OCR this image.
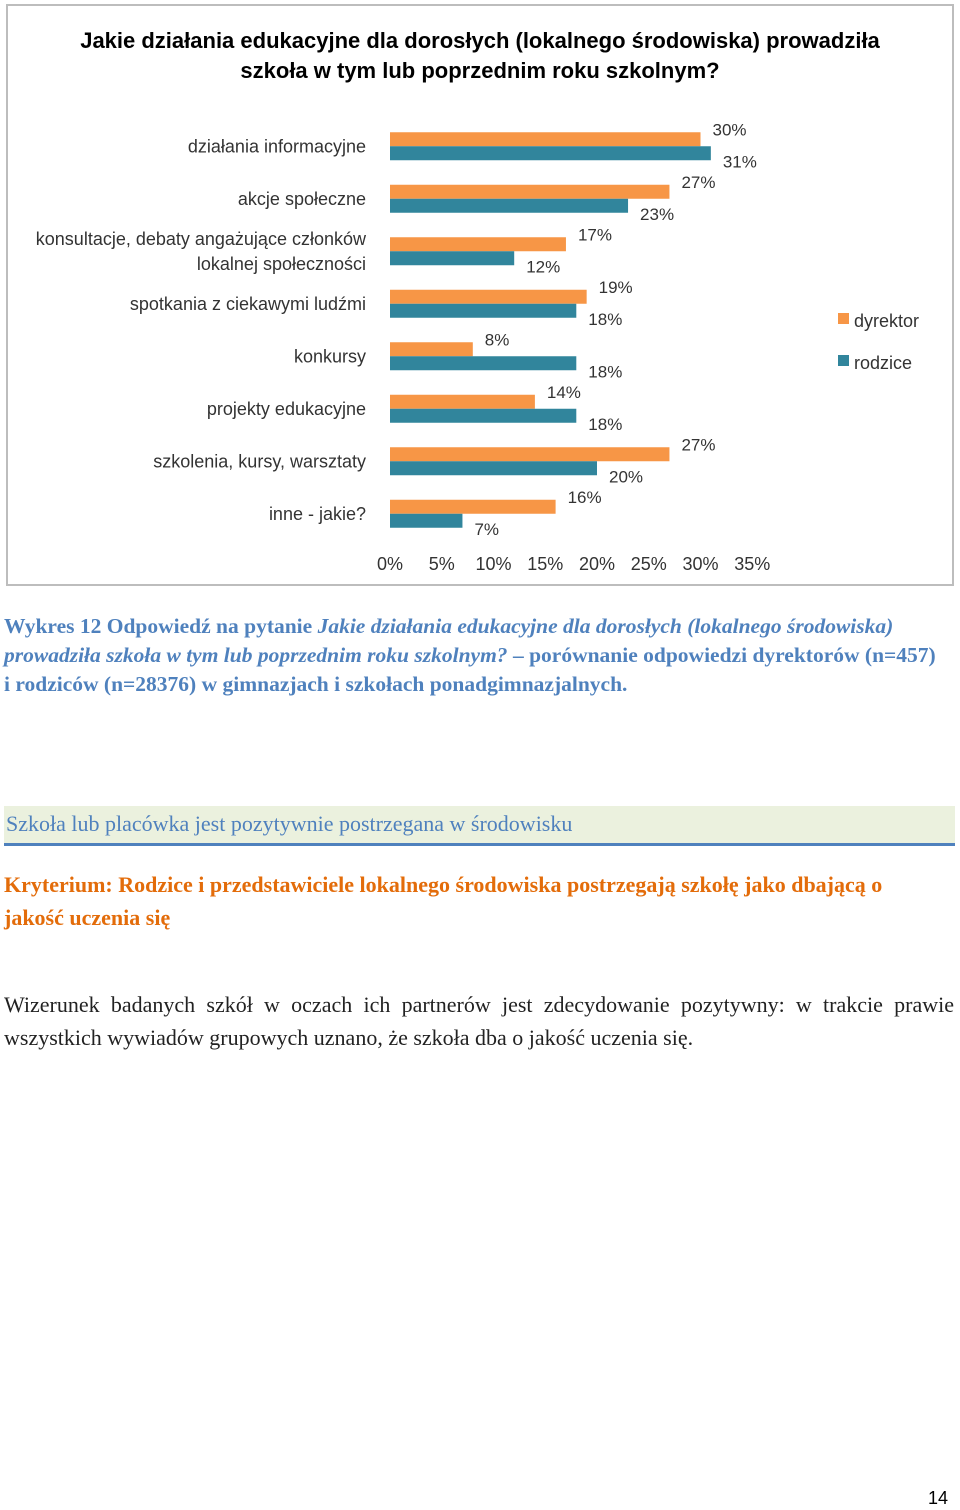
Jakie działania edukacyjne dla dorosłych (lokalnego środowiska) prowadziła szkoła w tym lub poprzednim roku szkolnym?
działania informacyjne
akcje społeczne
konsultacje, debaty angażujące członków
lokalnej społeczności
spotkania z ciekawymi ludźmi
konkursy
projekty edukacyjne
szkolenia, kursy, warsztaty
inne - jakie?
30%
27%
17%
19%
8%
14%
27%
16%
31%
23%
12%
18%
18%
18%
20%
7%
0% 5% 10% 15% 20% 25% 30% 35%
dyrektor
rodzice
Wykres 12 Odpowiedź na pytanie Jakie działania edukacyjne dla dorosłych (lokalnego środowiska) prowadziła szkoła w tym lub poprzednim roku szkolnym? – porównanie odpowiedzi dyrektorów (n=457) i rodziców (n=28376) w gimnazjach i szkołach ponadgimnazjalnych.
Szkoła lub placówka jest pozytywnie postrzegana w środowisku
Kryterium: Rodzice i przedstawiciele lokalnego środowiska postrzegają szkołę jako dbającą o jakość uczenia się
Wizerunek badanych szkół w oczach ich partnerów jest zdecydowanie pozytywny: w trakcie prawie wszystkich wywiadów grupowych uznano, że szkoła dba o jakość uczenia się.
14
